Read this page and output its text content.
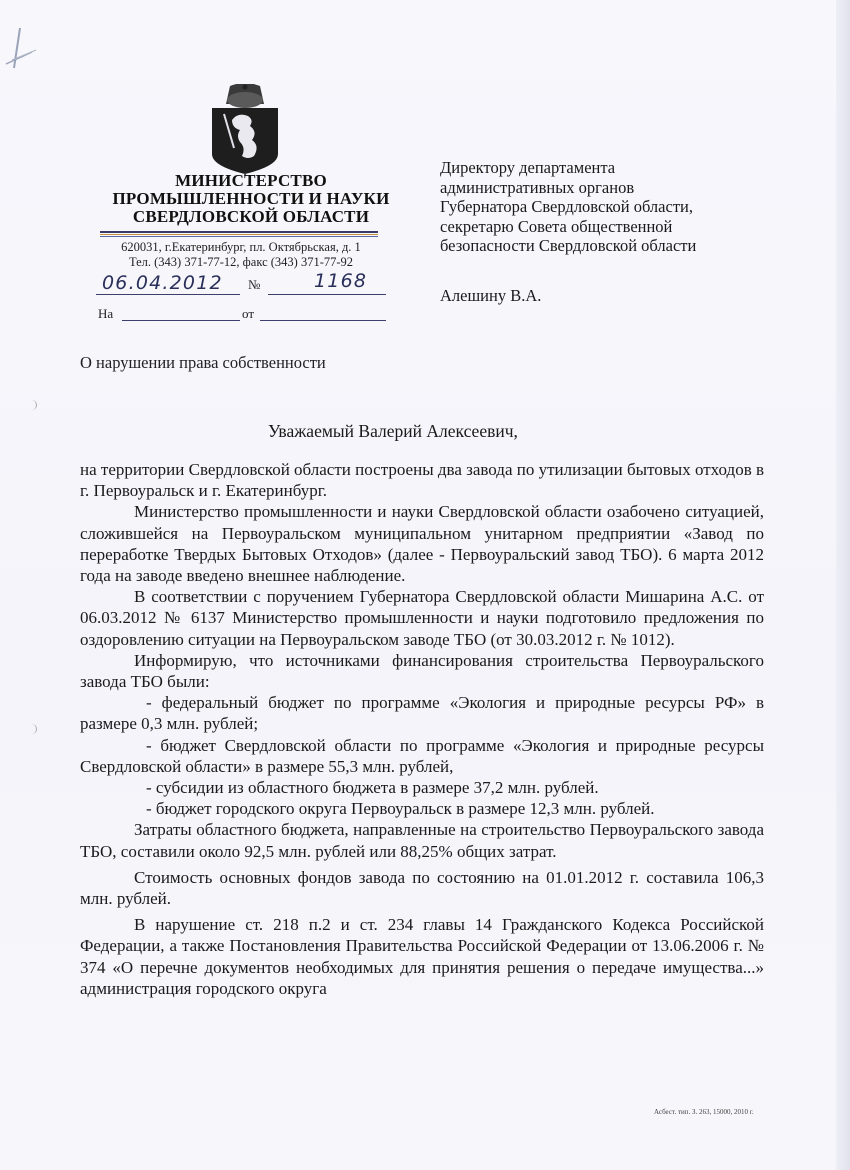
МИНИСТЕРСТВО
ПРОМЫШЛЕННОСТИ И НАУКИ
СВЕРДЛОВСКОЙ ОБЛАСТИ
620031, г.Екатеринбург, пл. Октябрьская, д. 1
Тел. (343) 371-77-12, факс (343) 371-77-92
06.04.2012 №	1168
На	от
Директору департамента
административных органов
Губернатора Свердловской области,
секретарю Совета общественной
безопасности Свердловской области
Алешину В.А.
О нарушении права собственности
Уважаемый Валерий Алексеевич,

на территории Свердловской области построены два завода по утилизации бытовых отходов в г. Первоуральск и г. Екатеринбург.

Министерство промышленности и науки Свердловской области озабочено ситуацией, сложившейся на Первоуральском муниципальном унитарном предприятии «Завод по переработке Твердых Бытовых Отходов» (далее - Первоуральский завод ТБО). 6 марта 2012 года на заводе введено внешнее наблюдение.

В соответствии с поручением Губернатора Свердловской области Мишарина А.С. от 06.03.2012 № 6137 Министерство промышленности и науки подготовило предложения по оздоровлению ситуации на Первоуральском заводе ТБО (от 30.03.2012 г. № 1012).

Информирую, что источниками финансирования строительства Первоуральского завода ТБО были:

- федеральный бюджет по программе «Экология и природные ресурсы РФ» в размере 0,3 млн. рублей;

- бюджет Свердловской области по программе «Экология и природные ресурсы Свердловской области» в размере 55,3 млн. рублей,

- субсидии из областного бюджета в размере 37,2 млн. рублей.

- бюджет городского округа Первоуральск в размере 12,3 млн. рублей.

Затраты областного бюджета, направленные на строительство Первоуральского завода ТБО, составили около 92,5 млн. рублей или 88,25% общих затрат.

Стоимость основных фондов завода по состоянию на 01.01.2012 г. составила 106,3 млн. рублей.

В нарушение ст. 218 п.2 и ст. 234 главы 14 Гражданского Кодекса Российской Федерации, а также Постановления Правительства Российской Федерации от 13.06.2006 г. № 374 «О перечне документов необходимых для принятия решения о передаче имущества...» администрация городского округа

Асбест. тип. З. 263, 15000, 2010 г.
